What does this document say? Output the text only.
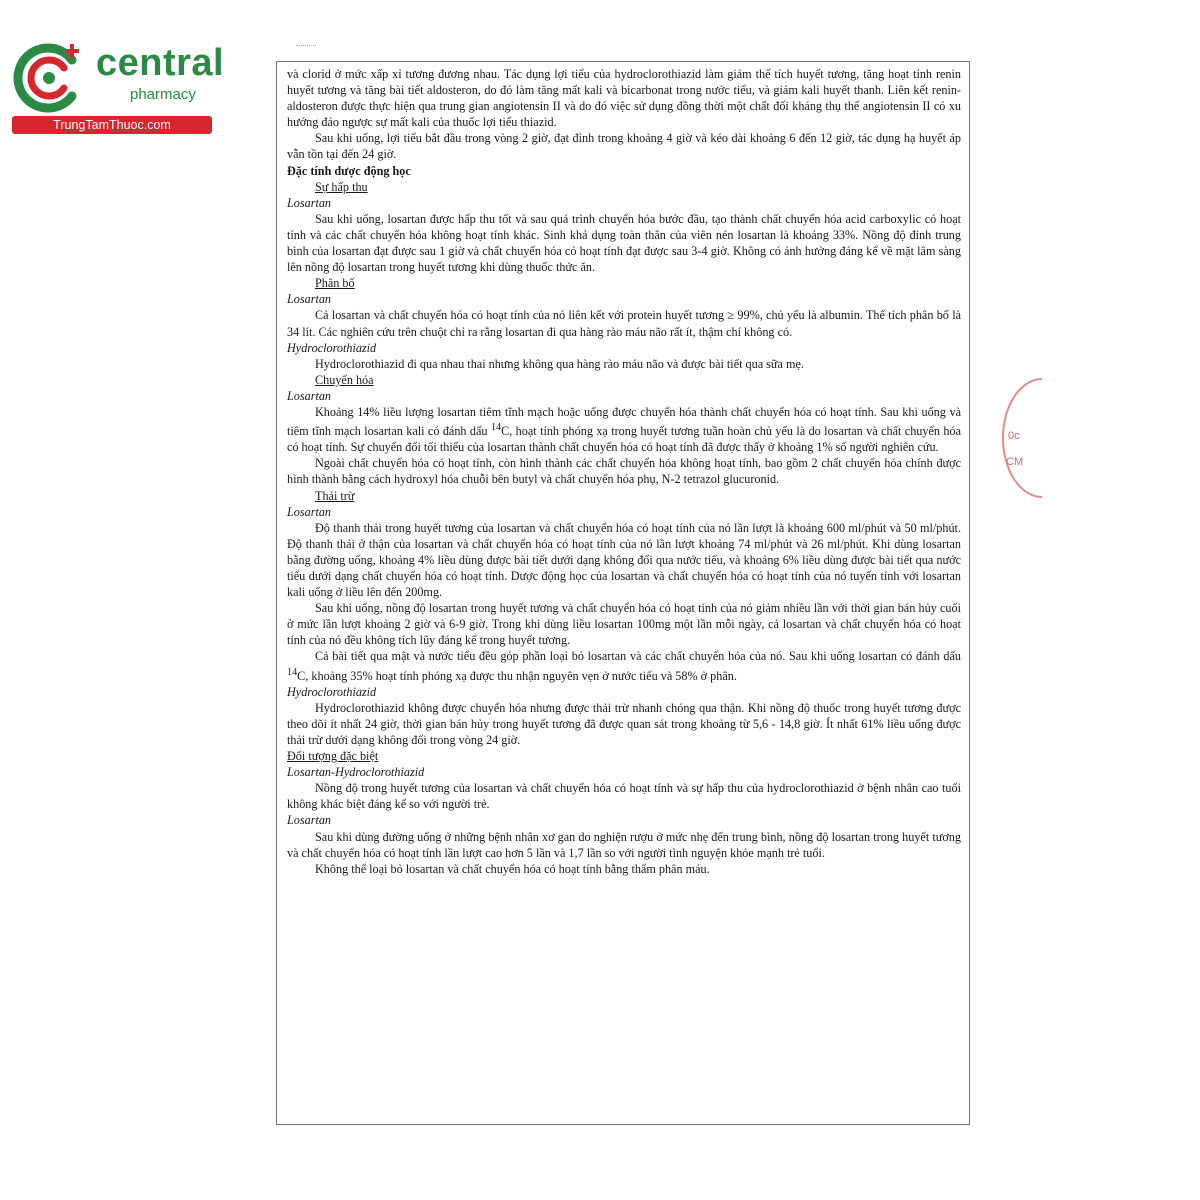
central
pharmacy
TrungTamThuoc.com

và clorid ở mức xấp xỉ tương đương nhau. Tác dụng lợi tiểu của hydroclorothiazid làm giảm thể tích huyết tương, tăng hoạt tính renin huyết tương và tăng bài tiết aldosteron, do đó làm tăng mất kali và bicarbonat trong nước tiểu, và giảm kali huyết thanh. Liên kết renin-aldosteron được thực hiện qua trung gian angiotensin II và do đó việc sử dụng đồng thời một chất đối kháng thụ thể angiotensin II có xu hướng đảo ngược sự mất kali của thuốc lợi tiểu thiazid.

Sau khi uống, lợi tiểu bắt đầu trong vòng 2 giờ, đạt đỉnh trong khoảng 4 giờ và kéo dài khoảng 6 đến 12 giờ, tác dụng hạ huyết áp vẫn tồn tại đến 24 giờ.

Đặc tính dược động học

Sự hấp thu

Losartan

Sau khi uống, losartan được hấp thu tốt và sau quá trình chuyển hóa bước đầu, tạo thành chất chuyển hóa acid carboxylic có hoạt tính và các chất chuyển hóa không hoạt tính khác. Sinh khả dụng toàn thân của viên nén losartan là khoảng 33%. Nồng độ đỉnh trung bình của losartan đạt được sau 1 giờ và chất chuyển hóa có hoạt tính đạt được sau 3-4 giờ. Không có ảnh hưởng đáng kể về mặt lâm sàng lên nồng độ losartan trong huyết tương khi dùng thuốc thức ăn.

Phân bố

Losartan

Cả losartan và chất chuyển hóa có hoạt tính của nó liên kết với protein huyết tương ≥ 99%, chủ yếu là albumin. Thể tích phân bố là 34 lít. Các nghiên cứu trên chuột chỉ ra rằng losartan đi qua hàng rào máu não rất ít, thậm chí không có.

Hydroclorothiazid

Hydroclorothiazid đi qua nhau thai nhưng không qua hàng rào máu não và được bài tiết qua sữa mẹ.

Chuyển hóa

Losartan

Khoảng 14% liều lượng losartan tiêm tĩnh mạch hoặc uống được chuyển hóa thành chất chuyển hóa có hoạt tính. Sau khi uống và tiêm tĩnh mạch losartan kali có đánh dấu $^{14}$C, hoạt tính phóng xạ trong huyết tương tuần hoàn chủ yếu là do losartan và chất chuyển hóa có hoạt tính. Sự chuyển đổi tối thiểu của losartan thành chất chuyển hóa có hoạt tính đã được thấy ở khoảng 1% số người nghiên cứu.

Ngoài chất chuyển hóa có hoạt tính, còn hình thành các chất chuyển hóa không hoạt tính, bao gồm 2 chất chuyển hóa chính được hình thành bằng cách hydroxyl hóa chuỗi bên butyl và chất chuyển hóa phụ, N-2 tetrazol glucuronid.

Thải trừ

Losartan

Độ thanh thải trong huyết tương của losartan và chất chuyển hóa có hoạt tính của nó lần lượt là khoảng 600 ml/phút và 50 ml/phút. Độ thanh thải ở thận của losartan và chất chuyển hóa có hoạt tính của nó lần lượt khoảng 74 ml/phút và 26 ml/phút. Khi dùng losartan bằng đường uống, khoảng 4% liều dùng được bài tiết dưới dạng không đổi qua nước tiểu, và khoảng 6% liều dùng được bài tiết qua nước tiểu dưới dạng chất chuyển hóa có hoạt tính. Dược động học của losartan và chất chuyển hóa có hoạt tính của nó tuyến tính với losartan kali uống ở liều lên đến 200mg.

Sau khi uống, nồng độ losartan trong huyết tương và chất chuyển hóa có hoạt tính của nó giảm nhiều lần với thời gian bán hủy cuối ở mức lần lượt khoảng 2 giờ và 6-9 giờ. Trong khi dùng liều losartan 100mg một lần mỗi ngày, cả losartan và chất chuyển hóa có hoạt tính của nó đều không tích lũy đáng kể trong huyết tương.

Cả bài tiết qua mật và nước tiểu đều góp phần loại bỏ losartan và các chất chuyển hóa của nó. Sau khi uống losartan có đánh dấu $^{14}$C, khoảng 35% hoạt tính phóng xạ được thu nhận nguyên vẹn ở nước tiểu và 58% ở phân.

Hydroclorothiazid

Hydroclorothiazid không được chuyển hóa nhưng được thải trừ nhanh chóng qua thận. Khi nồng độ thuốc trong huyết tương được theo dõi ít nhất 24 giờ, thời gian bán hủy trong huyết tương đã được quan sát trong khoảng từ 5,6 - 14,8 giờ. Ít nhất 61% liều uống được thải trừ dưới dạng không đổi trong vòng 24 giờ.

Đối tượng đặc biệt

Losartan-Hydroclorothiazid

Nồng độ trong huyết tương của losartan và chất chuyển hóa có hoạt tính và sự hấp thu của hydroclorothiazid ở bệnh nhân cao tuổi không khác biệt đáng kể so với người trẻ.

Losartan

Sau khi dùng đường uống ở những bệnh nhân xơ gan do nghiện rượu ở mức nhẹ đến trung bình, nồng độ losartan trong huyết tương và chất chuyển hóa có hoạt tính lần lượt cao hơn 5 lần và 1,7 lần so với người tình nguyện khỏe mạnh trẻ tuổi.

Không thể loại bỏ losartan và chất chuyển hóa có hoạt tính bằng thẩm phân máu.

0c
CM
